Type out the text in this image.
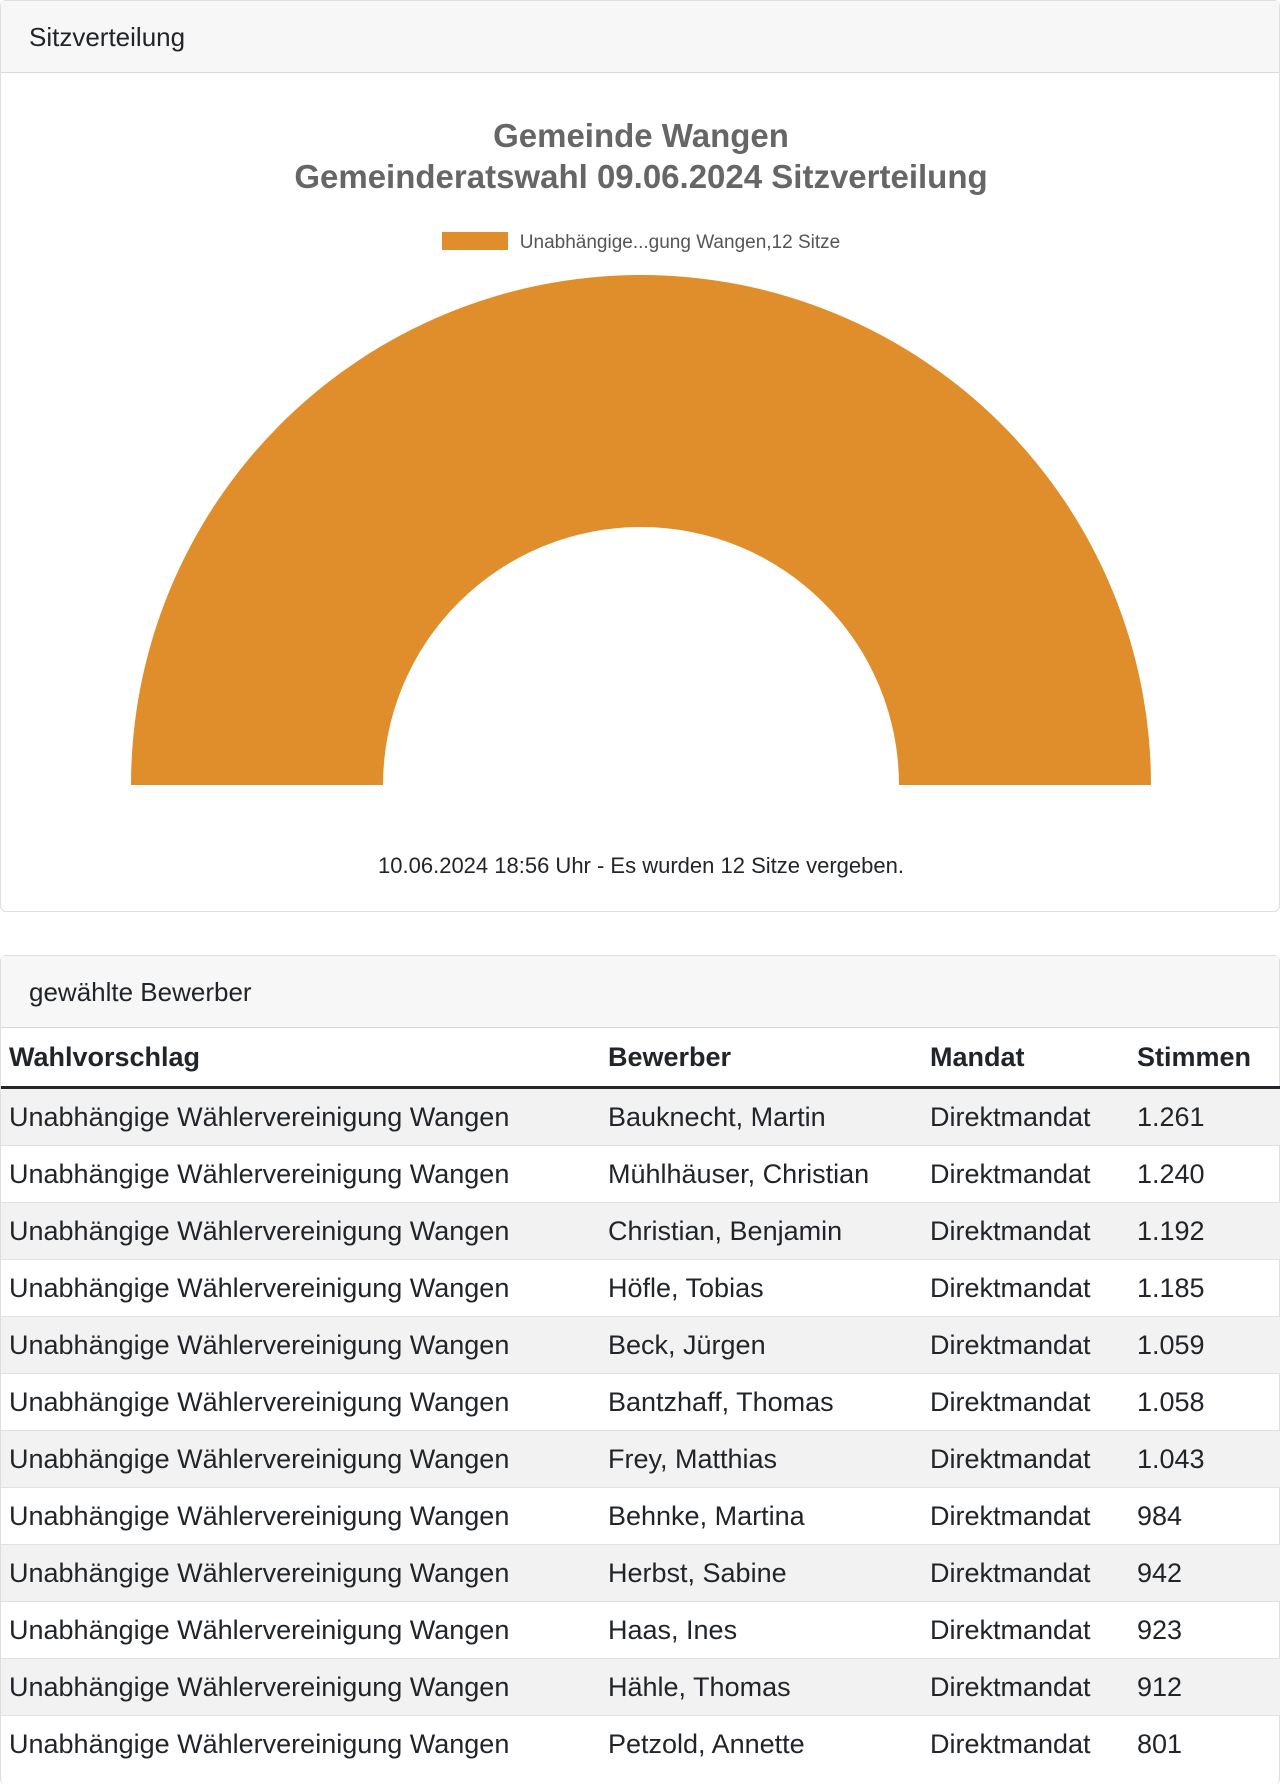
Sitzverteilung
Gemeinde Wangen
Gemeinderatswahl 09.06.2024 Sitzverteilung
Unabhängige...gung Wangen,12 Sitze
10.06.2024 18:56 Uhr - Es wurden 12 Sitze vergeben.
gewählte Bewerber
Wahlvorschlag	Bewerber	Mandat	Stimmen
Unabhängige Wählervereinigung Wangen	Bauknecht, Martin	Direktmandat	1.261
Unabhängige Wählervereinigung Wangen	Mühlhäuser, Christian	Direktmandat	1.240
Unabhängige Wählervereinigung Wangen	Christian, Benjamin	Direktmandat	1.192
Unabhängige Wählervereinigung Wangen	Höfle, Tobias	Direktmandat	1.185
Unabhängige Wählervereinigung Wangen	Beck, Jürgen	Direktmandat	1.059
Unabhängige Wählervereinigung Wangen	Bantzhaff, Thomas	Direktmandat	1.058
Unabhängige Wählervereinigung Wangen	Frey, Matthias	Direktmandat	1.043
Unabhängige Wählervereinigung Wangen	Behnke, Martina	Direktmandat	984
Unabhängige Wählervereinigung Wangen	Herbst, Sabine	Direktmandat	942
Unabhängige Wählervereinigung Wangen	Haas, Ines	Direktmandat	923
Unabhängige Wählervereinigung Wangen	Hähle, Thomas	Direktmandat	912
Unabhängige Wählervereinigung Wangen	Petzold, Annette	Direktmandat	801
